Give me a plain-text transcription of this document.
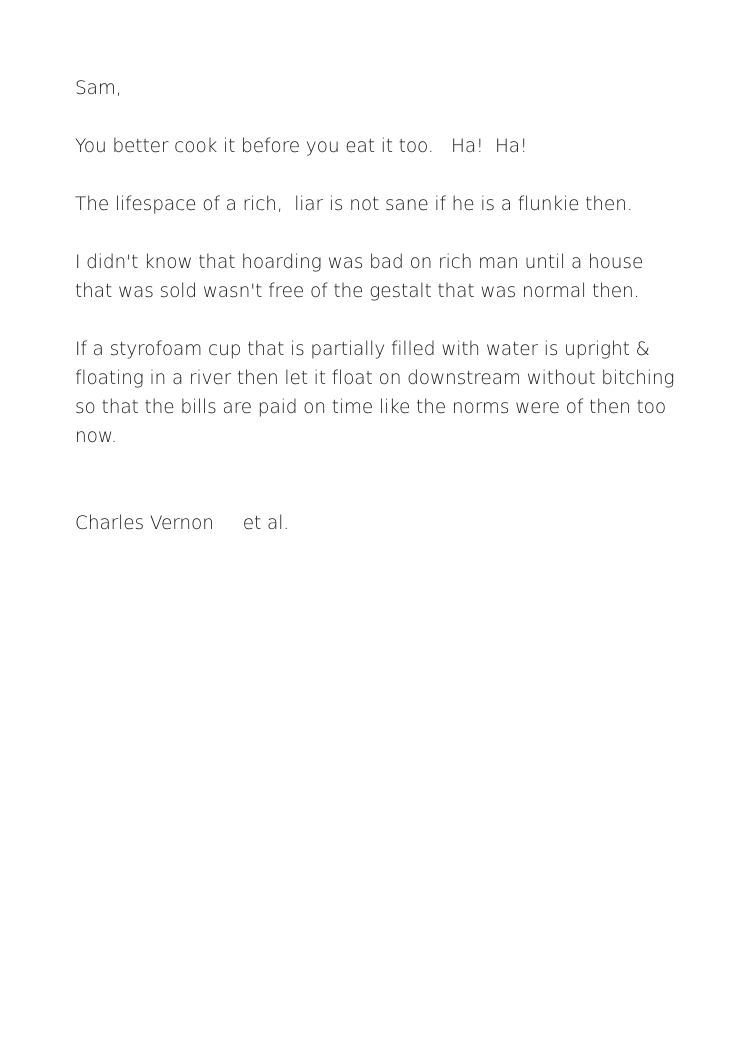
Sam,

You better cook it before you eat it too.   Ha!  Ha!

The lifespace of a rich,  liar is not sane if he is a flunkie then.

I didn't know that hoarding was bad on rich man until a house that was sold wasn't free of the gestalt that was normal then.

If a styrofoam cup that is partially filled with water is upright & floating in a river then let it float on downstream without bitching so that the bills are paid on time like the norms were of then too now.

Charles Vernon     et al.
